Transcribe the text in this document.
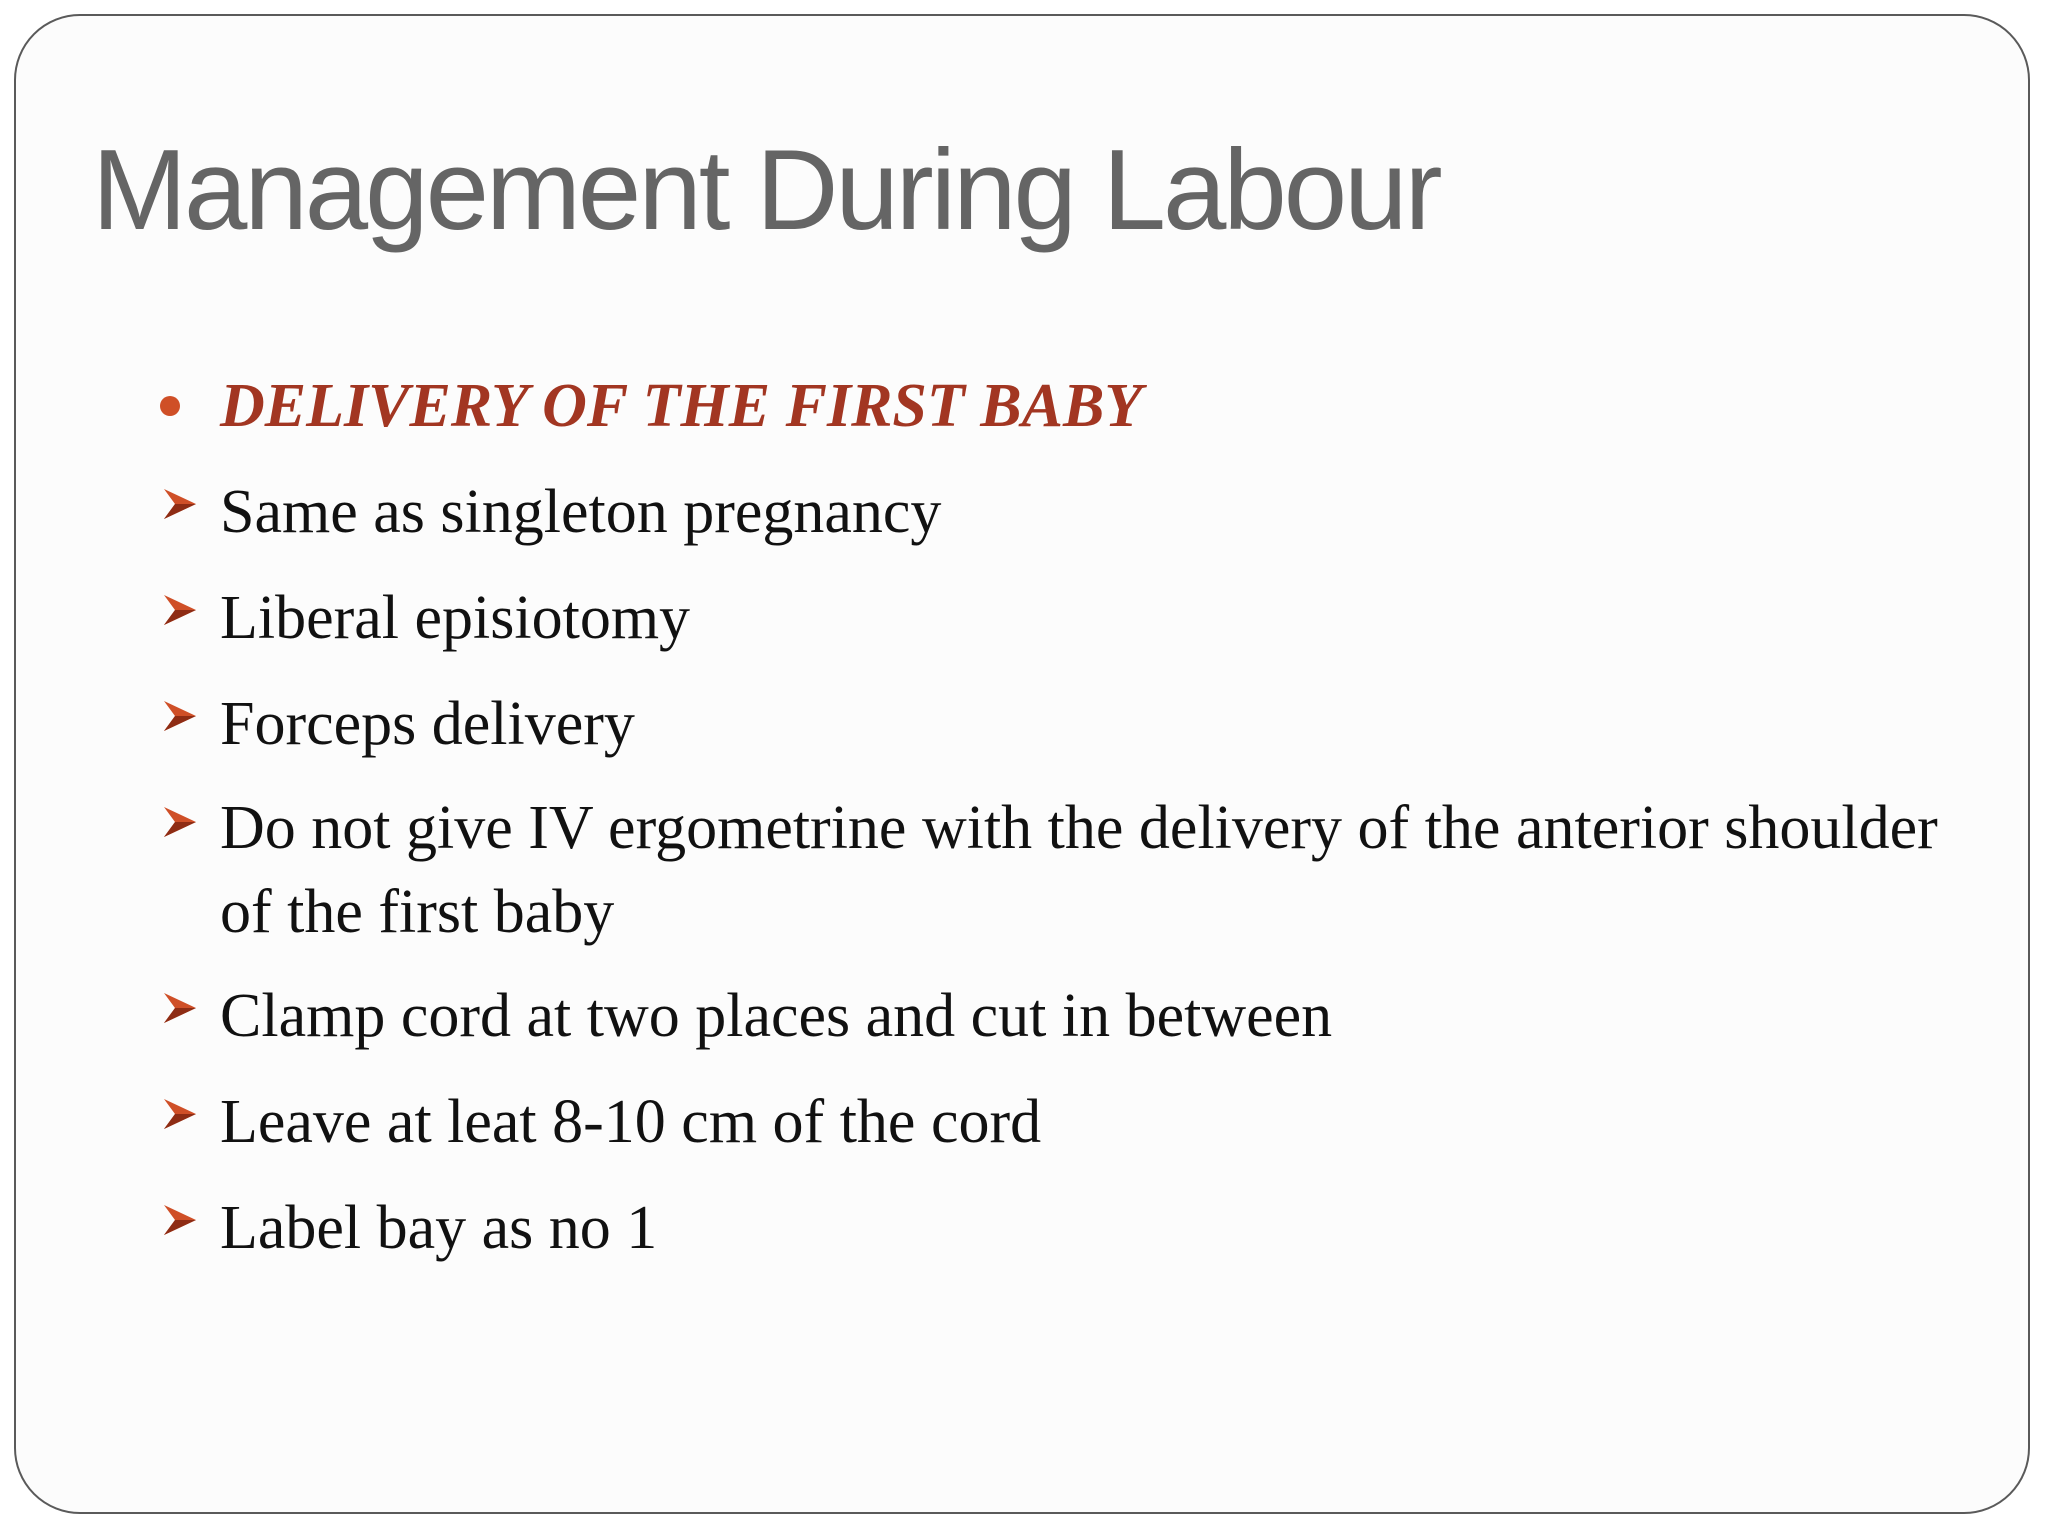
Management During Labour
DELIVERY OF THE FIRST BABY
Same as singleton pregnancy
Liberal episiotomy
Forceps delivery
Do not give IV ergometrine with the delivery of the anterior shoulder of the first baby
Clamp cord at two places and cut in between
Leave at leat 8-10 cm of the cord
Label bay as no 1
